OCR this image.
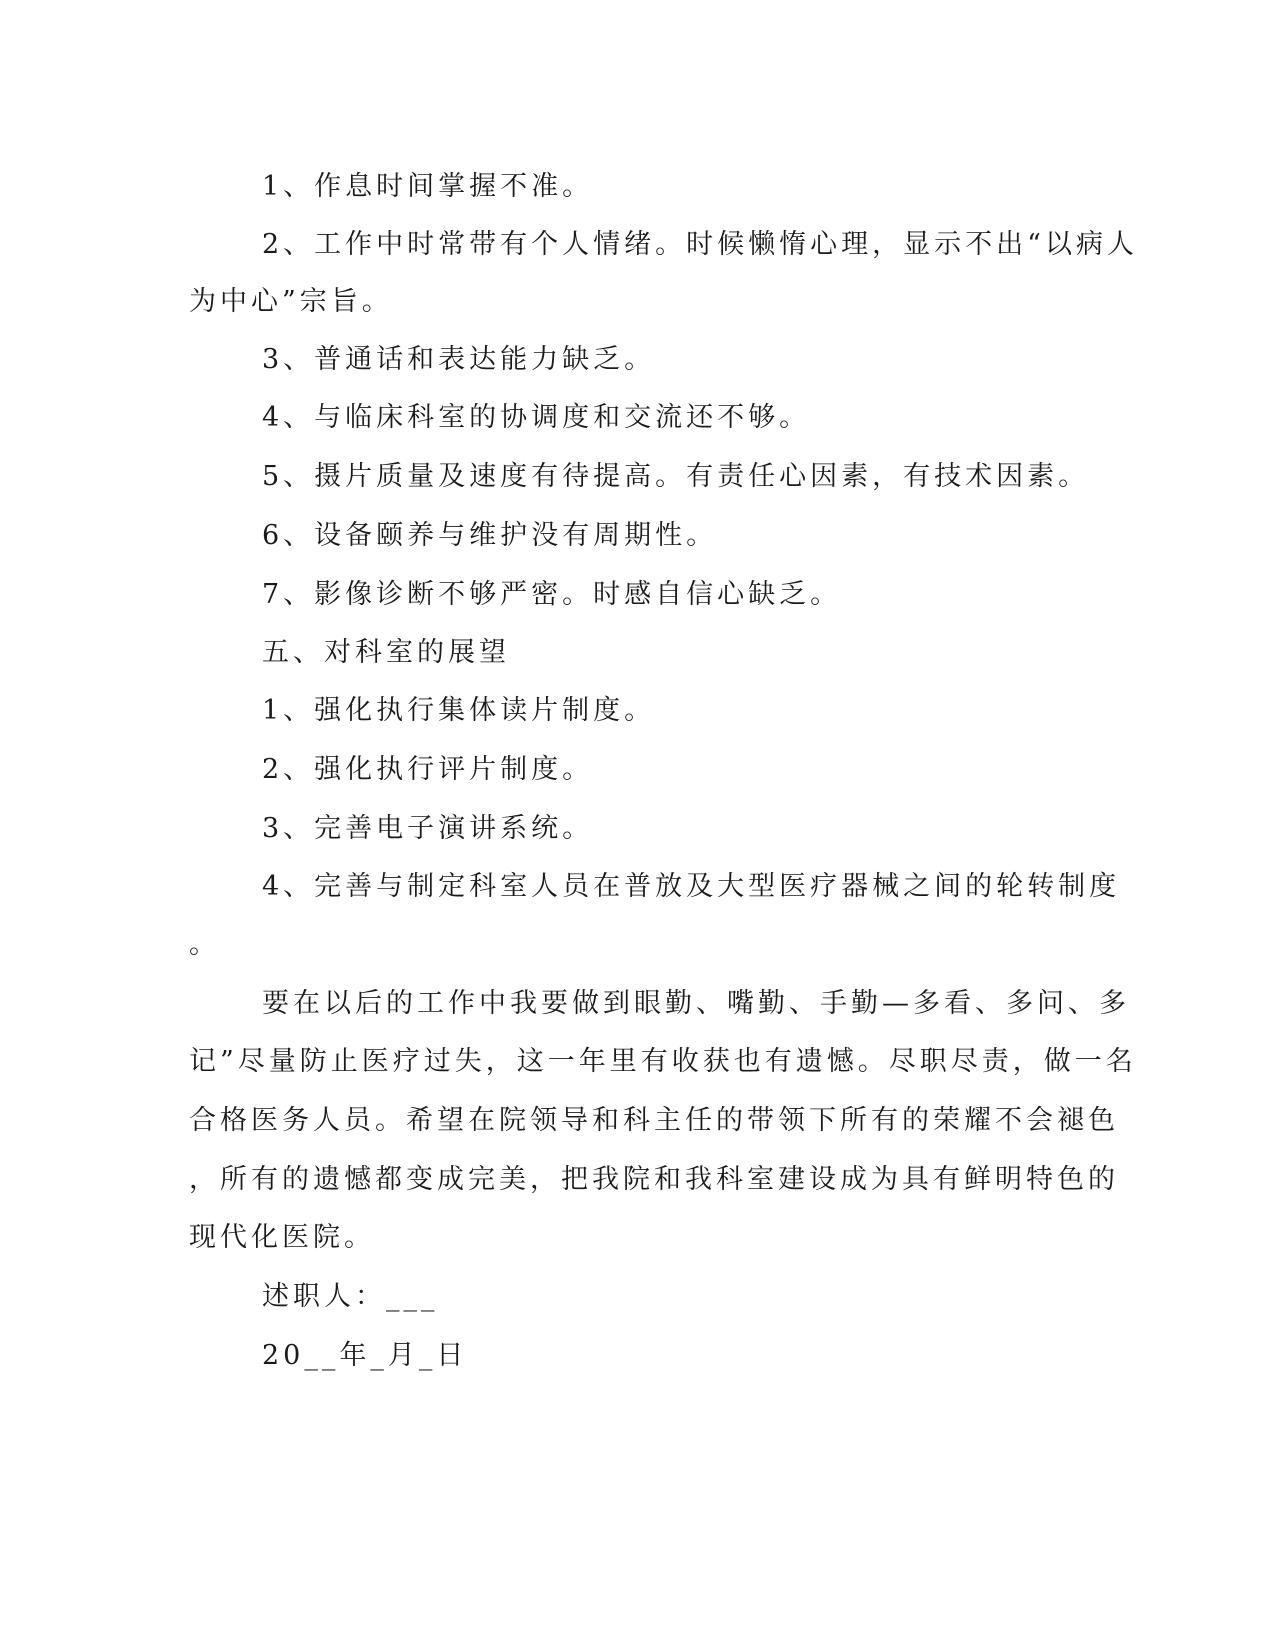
1、作息时间掌握不准。
2、工作中时常带有个人情绪。时候懒惰心理，显示不出“以病人
为中心”宗旨。
3、普通话和表达能力缺乏。
4、与临床科室的协调度和交流还不够。
5、摄片质量及速度有待提高。有责任心因素，有技术因素。
6、设备颐养与维护没有周期性。
7、影像诊断不够严密。时感自信心缺乏。
五、对科室的展望
1、强化执行集体读片制度。
2、强化执行评片制度。
3、完善电子演讲系统。
4、完善与制定科室人员在普放及大型医疗器械之间的轮转制度
。
要在以后的工作中我要做到眼勤、嘴勤、手勤—多看、多问、多
记”尽量防止医疗过失，这一年里有收获也有遗憾。尽职尽责，做一名
合格医务人员。希望在院领导和科主任的带领下所有的荣耀不会褪色
，所有的遗憾都变成完美，把我院和我科室建设成为具有鲜明特色的
现代化医院。
述职人：___
20__年_月_日
